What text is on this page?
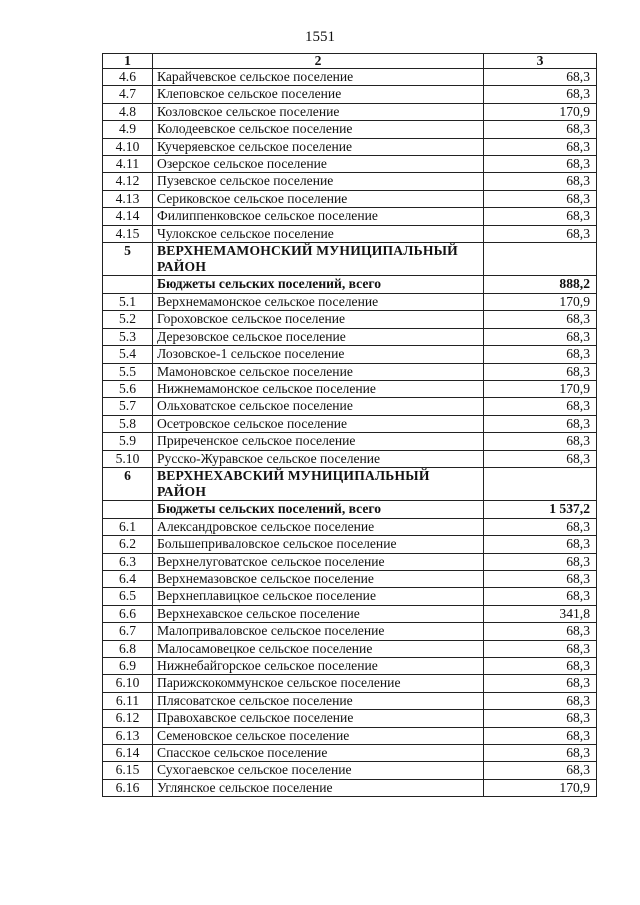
1551
1	2	3
4.6	Карайчевское сельское поселение	68,3
4.7	Клеповское сельское поселение	68,3
4.8	Козловское сельское поселение	170,9
4.9	Колодеевское сельское поселение	68,3
4.10	Кучеряевское сельское поселение	68,3
4.11	Озерское сельское поселение	68,3
4.12	Пузевское сельское поселение	68,3
4.13	Сериковское сельское поселение	68,3
4.14	Филиппенковское сельское поселение	68,3
4.15	Чулокское сельское поселение	68,3
5	ВЕРХНЕМАМОНСКИЙ МУНИЦИПАЛЬНЫЙ РАЙОН	
	Бюджеты сельских поселений, всего	888,2
5.1	Верхнемамонское сельское поселение	170,9
5.2	Гороховское сельское поселение	68,3
5.3	Дерезовское сельское поселение	68,3
5.4	Лозовское-1 сельское поселение	68,3
5.5	Мамоновское сельское поселение	68,3
5.6	Нижнемамонское сельское поселение	170,9
5.7	Ольховатское сельское поселение	68,3
5.8	Осетровское сельское поселение	68,3
5.9	Приреченское сельское поселение	68,3
5.10	Русско-Журавское сельское поселение	68,3
6	ВЕРХНЕХАВСКИЙ МУНИЦИПАЛЬНЫЙ РАЙОН	
	Бюджеты сельских поселений, всего	1 537,2
6.1	Александровское сельское поселение	68,3
6.2	Большеприваловское сельское поселение	68,3
6.3	Верхнелуговатское сельское поселение	68,3
6.4	Верхнемазовское сельское поселение	68,3
6.5	Верхнеплавицкое сельское поселение	68,3
6.6	Верхнехавское сельское поселение	341,8
6.7	Малоприваловское сельское поселение	68,3
6.8	Малосамовецкое сельское поселение	68,3
6.9	Нижнебайгорское сельское поселение	68,3
6.10	Парижскокоммунское сельское поселение	68,3
6.11	Плясоватское сельское поселение	68,3
6.12	Правохавское сельское поселение	68,3
6.13	Семеновское сельское поселение	68,3
6.14	Спасское сельское поселение	68,3
6.15	Сухогаевское сельское поселение	68,3
6.16	Углянское сельское поселение	170,9
